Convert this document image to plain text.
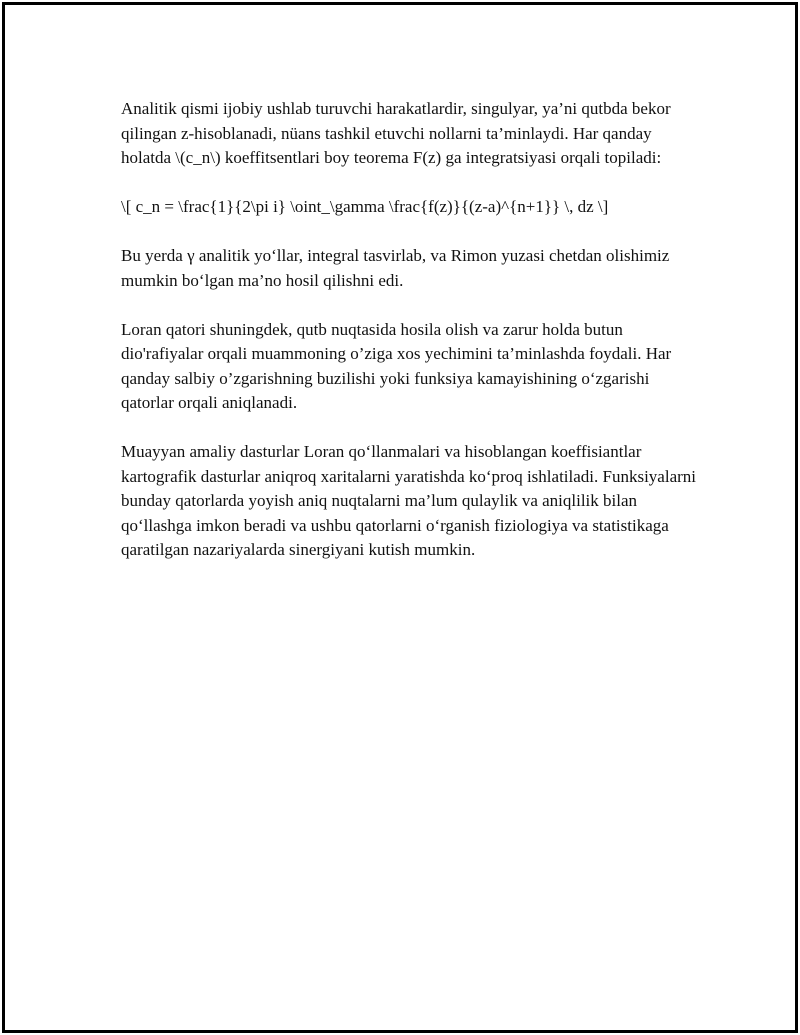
Analitik qismi ijobiy ushlab turuvchi harakatlardir, singulyar, ya’ni qutbda bekor qilingan z-hisoblanadi, nüans tashkil etuvchi nollarni ta’minlaydi. Har qanday holatda \(c_n\) koeffitsentlari boy teorema F(z) ga integratsiyasi orqali topiladi:

\[ c_n = \frac{1}{2\pi i} \oint_\gamma \frac{f(z)}{(z-a)^{n+1}} \, dz \]

Bu yerda γ analitik yo‘llar, integral tasvirlab, va Rimon yuzasi chetdan olishimiz mumkin bo‘lgan ma’no hosil qilishni edi.

Loran qatori shuningdek, qutb nuqtasida hosila olish va zarur holda butun dio'rafiyalar orqali muammoning o’ziga xos yechimini ta’minlashda foydali. Har qanday salbiy o’zgarishning buzilishi yoki funksiya kamayishining o‘zgarishi qatorlar orqali aniqlanadi.

Muayyan amaliy dasturlar Loran qo‘llanmalari va hisoblangan koeffisiantlar kartografik dasturlar aniqroq xaritalarni yaratishda ko‘proq ishlatiladi. Funksiyalarni bunday qatorlarda yoyish aniq nuqtalarni ma’lum qulaylik va aniqlilik bilan qo‘llashga imkon beradi va ushbu qatorlarni o‘rganish fiziologiya va statistikaga qaratilgan nazariyalarda sinergiyani kutish mumkin.
